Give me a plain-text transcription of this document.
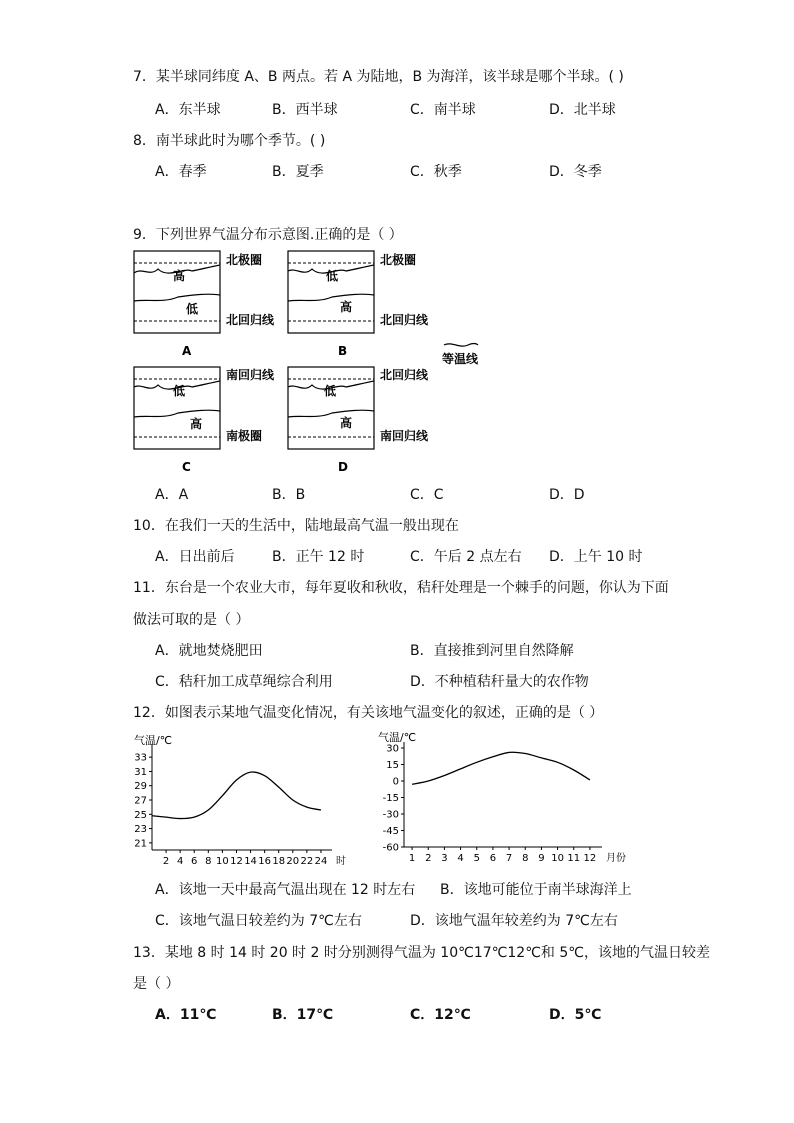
7．某半球同纬度 A、B 两点。若 A 为陆地，B 为海洋，该半球是哪个半球。( )
A．东半球	B．西半球	C．南半球	D．北半球
8．南半球此时为哪个季节。( )
A．春季	B．夏季	C．秋季	D．冬季
9．下列世界气温分布示意图.正确的是（ ）
高
低
北极圈
北回归线
A
低
高
北极圈
北回归线
B
等温线
低
高
南回归线
南极圈
C
低
高
北回归线
南回归线
D
A．A	B．B	C．C	D．D
10．在我们一天的生活中，陆地最高气温一般出现在
A．日出前后	B．正午 12 时	C．午后 2 点左右 D．上午 10 时
11．东台是一个农业大市，每年夏收和秋收，秸秆处理是一个棘手的问题，你认为下面
做法可取的是（ ）
A．就地焚烧肥田	B．直接推到河里自然降解
C．秸秆加工成草绳综合利用	D．不种植秸秆量大的农作物
12．如图表示某地气温变化情况，有关该地气温变化的叙述，正确的是（ ）
气温/℃
21
23
25
27
29
31
33
2 4 6 8 10 12 14 16 18 20 22 24 时
气温/℃
30
15
0
-15
-30
-45
-60
1 2 3 4 5 6 7 8 9 10 11 12 月份
A．该地一天中最高气温出现在 12 时左右 B．该地可能位于南半球海洋上
C．该地气温日较差约为 7℃左右	D．该地气温年较差约为 7℃左右
13．某地 8 时 14 时 20 时 2 时分别测得气温为 10℃17℃12℃和 5℃，该地的气温日较差
是（ ）
A．11℃	B．17℃	C．12℃	D．5℃
